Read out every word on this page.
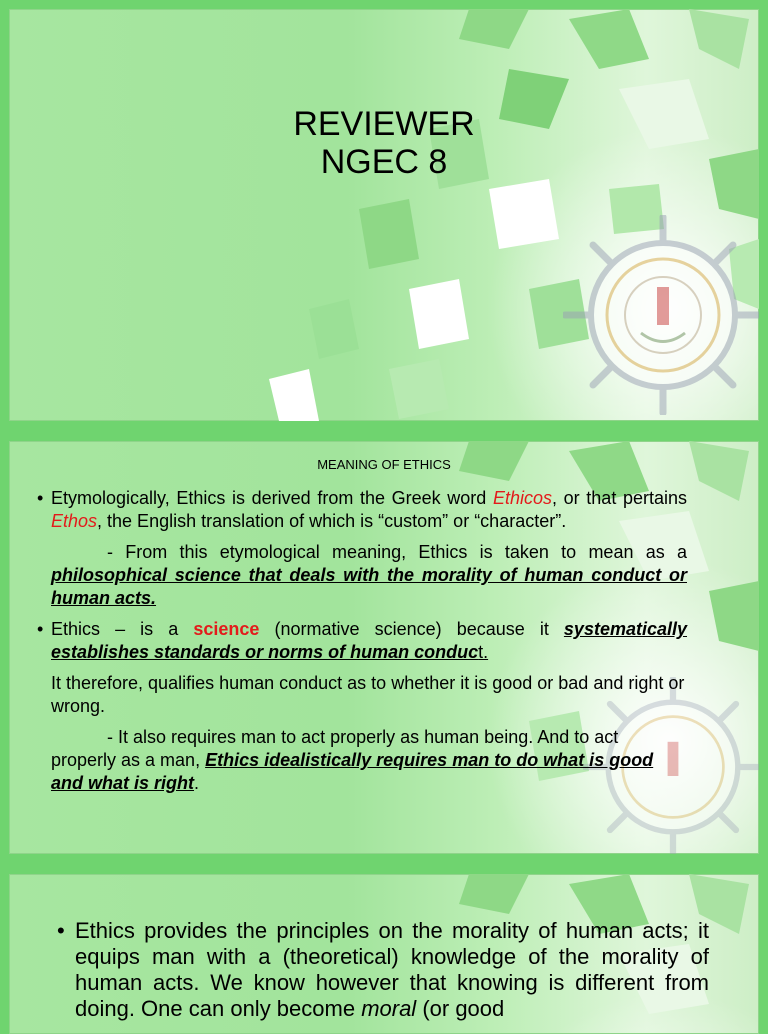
REVIEWER
NGEC 8
MEANING OF ETHICS
• Etymologically, Ethics is derived from the Greek word Ethicos, or that pertains Ethos, the English translation of which is “custom” or “character”.

- From this etymological meaning, Ethics is taken to mean as a philosophical science that deals with the morality of human conduct or human acts.

• Ethics – is a science (normative science) because it systematically establishes standards or norms of human conduct.

It therefore, qualifies human conduct as to whether it is good or bad and right or wrong.

- It also requires man to act properly as human being. And to act properly as a man, Ethics idealistically requires man to do what is good and what is right.

• Ethics provides the principles on the morality of human acts; it equips man with a (theoretical) knowledge of the morality of human acts. We know however that knowing is different from doing. One can only become moral (or good
